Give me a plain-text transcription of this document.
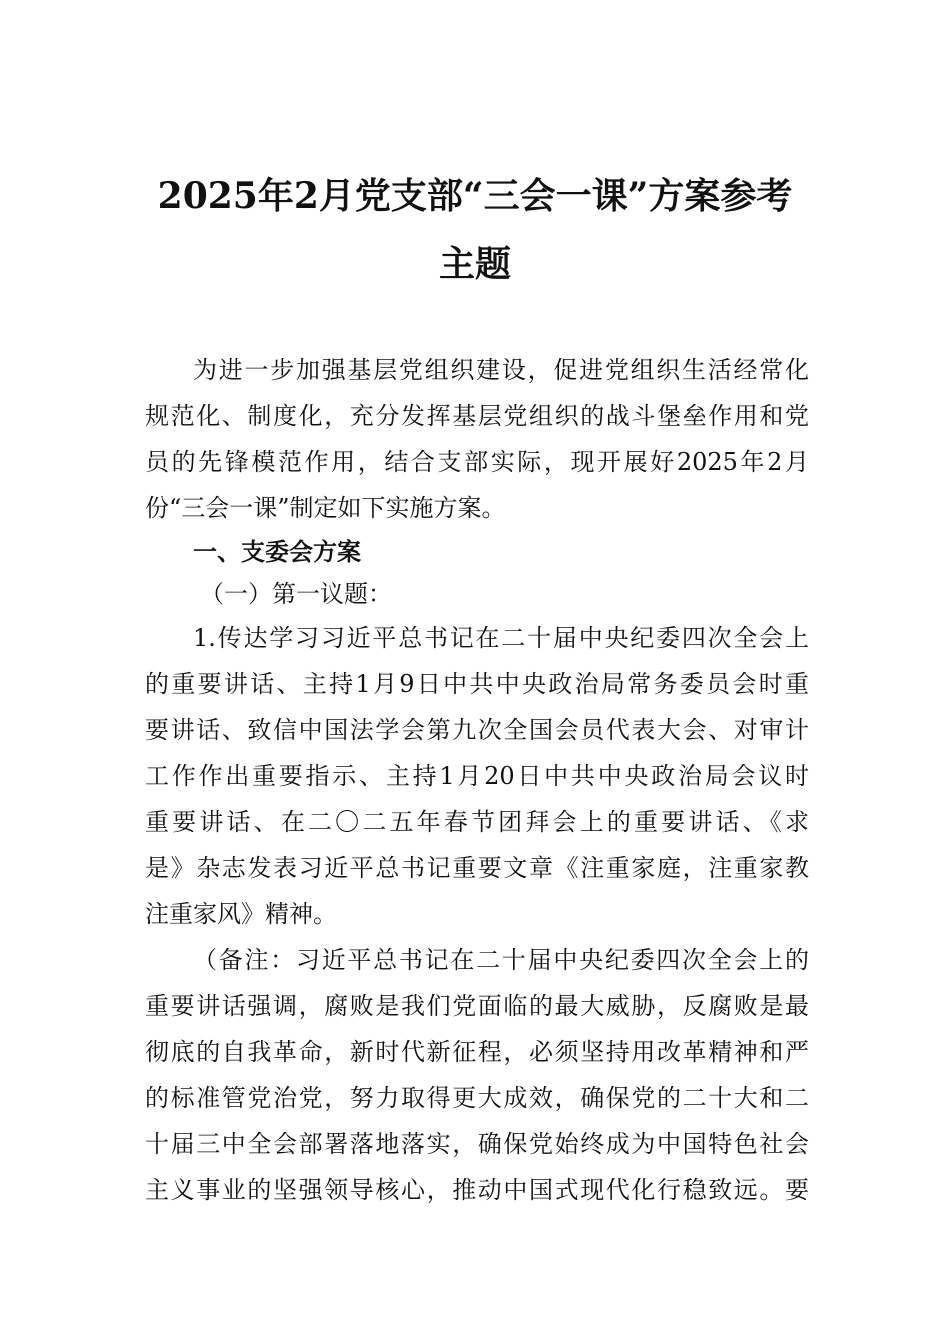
2025年2月党支部“三会一课”方案参考
主题

为进一步加强基层党组织建设，促进党组织生活经常化

规范化、制度化，充分发挥基层党组织的战斗堡垒作用和党

员的先锋模范作用，结合支部实际，现开展好2025年2月

份“三会一课”制定如下实施方案。

一、支委会方案

（一）第一议题：

1.传达学习习近平总书记在二十届中央纪委四次全会上

的重要讲话、主持1月9日中共中央政治局常务委员会时重

要讲话、致信中国法学会第九次全国会员代表大会、对审计

工作作出重要指示、主持1月20日中共中央政治局会议时

重要讲话、在二〇二五年春节团拜会上的重要讲话、《求

是》杂志发表习近平总书记重要文章《注重家庭，注重家教

注重家风》精神。

（备注：习近平总书记在二十届中央纪委四次全会上的

重要讲话强调，腐败是我们党面临的最大威胁，反腐败是最

彻底的自我革命，新时代新征程，必须坚持用改革精神和严

的标准管党治党，努力取得更大成效，确保党的二十大和二

十届三中全会部署落地落实，确保党始终成为中国特色社会

主义事业的坚强领导核心，推动中国式现代化行稳致远。要
